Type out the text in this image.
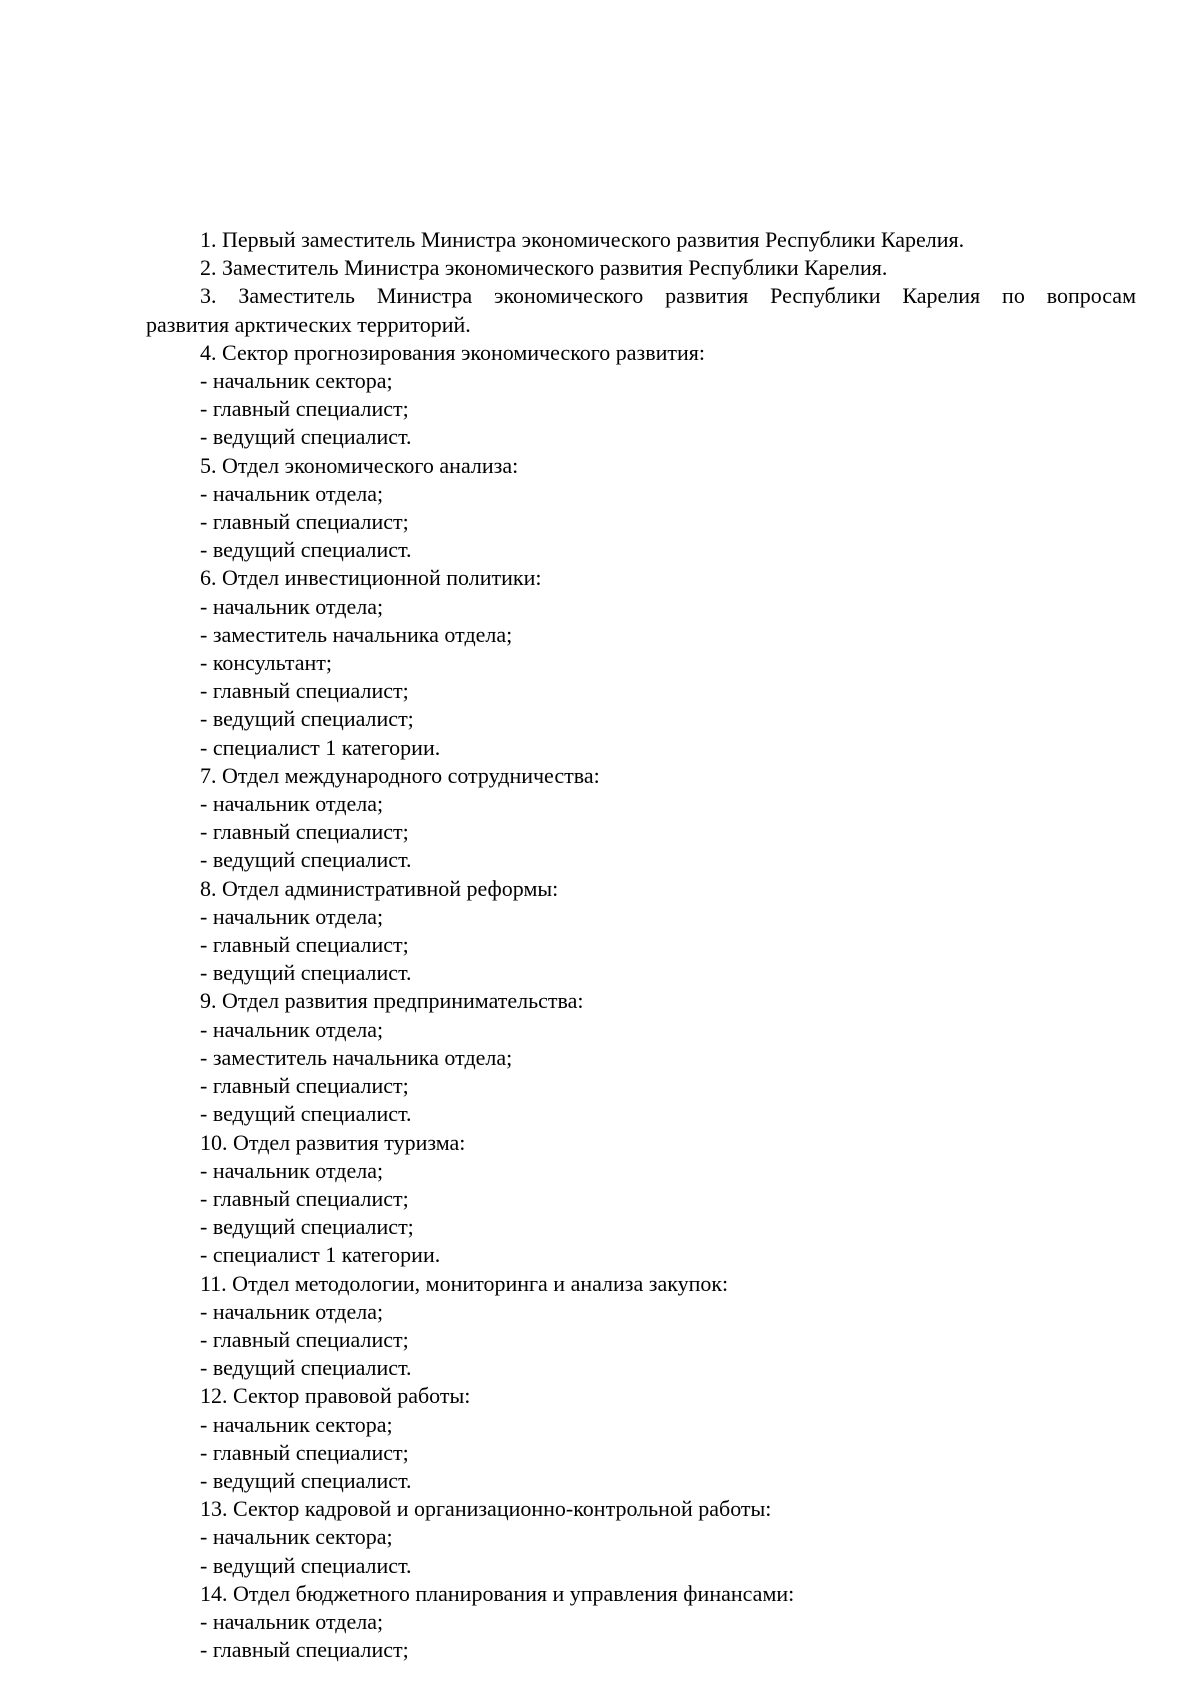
1. Первый заместитель Министра экономического развития Республики Карелия.

2. Заместитель Министра экономического развития Республики Карелия.

3. Заместитель Министра экономического развития Республики Карелия по вопросам

развития арктических территорий.

4. Сектор прогнозирования экономического развития:

- начальник сектора;

- главный специалист;

- ведущий специалист.

5. Отдел экономического анализа:

- начальник отдела;

- главный специалист;

- ведущий специалист.

6. Отдел инвестиционной политики:

- начальник отдела;

- заместитель начальника отдела;

- консультант;

- главный специалист;

- ведущий специалист;

- специалист 1 категории.

7. Отдел международного сотрудничества:

- начальник отдела;

- главный специалист;

- ведущий специалист.

8. Отдел административной реформы:

- начальник отдела;

- главный специалист;

- ведущий специалист.

9. Отдел развития предпринимательства:

- начальник отдела;

- заместитель начальника отдела;

- главный специалист;

- ведущий специалист.

10. Отдел развития туризма:

- начальник отдела;

- главный специалист;

- ведущий специалист;

- специалист 1 категории.

11. Отдел методологии, мониторинга и анализа закупок:

- начальник отдела;

- главный специалист;

- ведущий специалист.

12. Сектор правовой работы:

- начальник сектора;

- главный специалист;

- ведущий специалист.

13. Сектор кадровой и организационно-контрольной работы:

- начальник сектора;

- ведущий специалист.

14. Отдел бюджетного планирования и управления финансами:

- начальник отдела;

- главный специалист;
